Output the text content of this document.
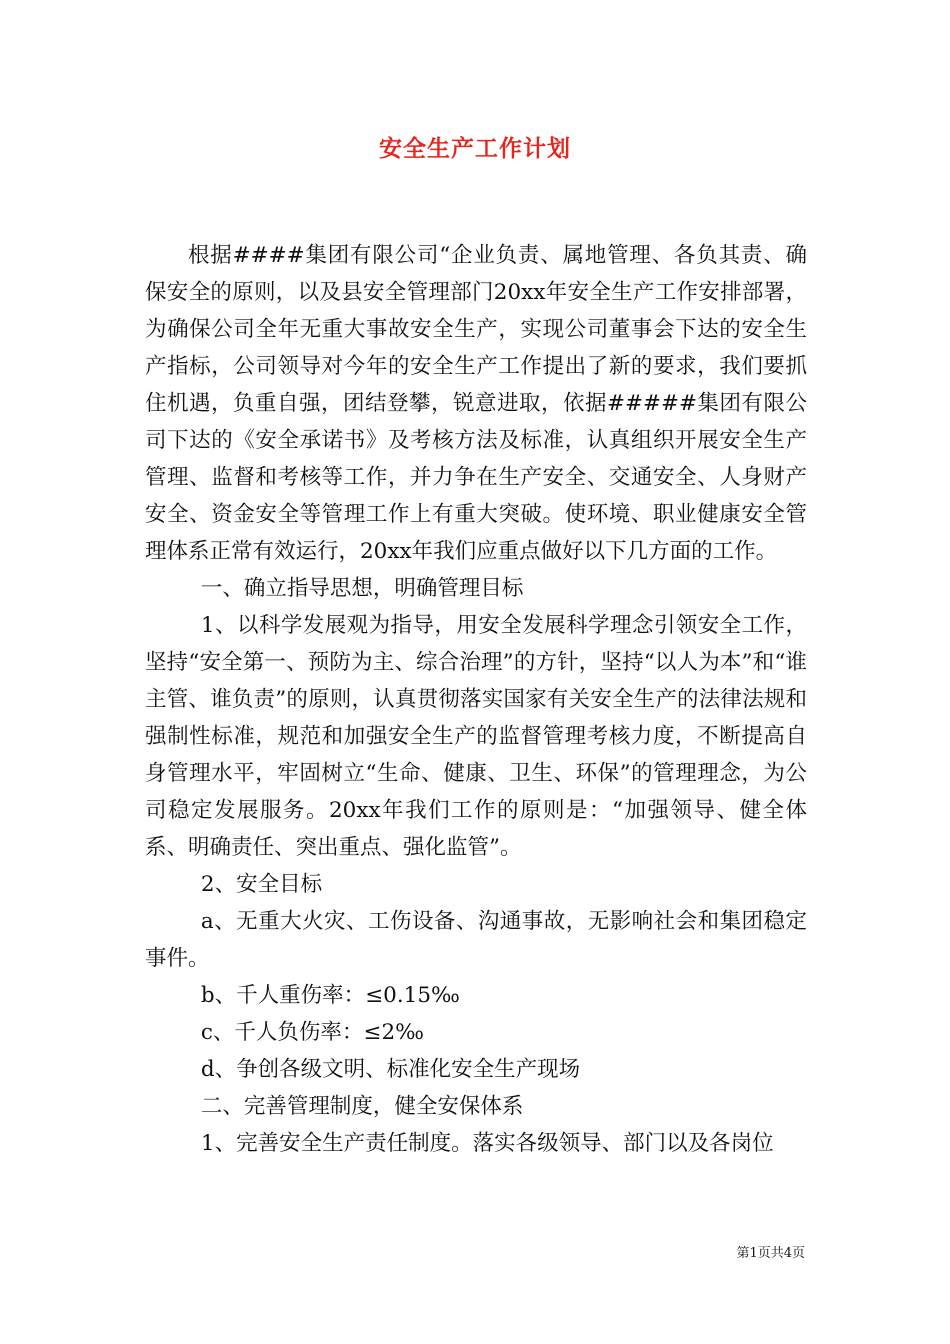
安全生产工作计划

根据####集团有限公司“企业负责、属地管理、各负其责、确保安全的原则，以及县安全管理部门20xx年安全生产工作安排部署，为确保公司全年无重大事故安全生产，实现公司董事会下达的安全生产指标，公司领导对今年的安全生产工作提出了新的要求，我们要抓住机遇，负重自强，团结登攀，锐意进取，依据#####集团有限公司下达的《安全承诺书》及考核方法及标准，认真组织开展安全生产管理、监督和考核等工作，并力争在生产安全、交通安全、人身财产安全、资金安全等管理工作上有重大突破。使环境、职业健康安全管理体系正常有效运行，20xx年我们应重点做好以下几方面的工作。

一、确立指导思想，明确管理目标

1、以科学发展观为指导，用安全发展科学理念引领安全工作，坚持“安全第一、预防为主、综合治理”的方针，坚持“以人为本”和“谁主管、谁负责”的原则，认真贯彻落实国家有关安全生产的法律法规和强制性标准，规范和加强安全生产的监督管理考核力度，不断提高自身管理水平，牢固树立“生命、健康、卫生、环保”的管理理念，为公司稳定发展服务。20xx年我们工作的原则是：“加强领导、健全体系、明确责任、突出重点、强化监管”。

2、安全目标

a、无重大火灾、工伤设备、沟通事故，无影响社会和集团稳定事件。

b、千人重伤率：≤0.15‰

c、千人负伤率：≤2‰

d、争创各级文明、标准化安全生产现场

二、完善管理制度，健全安保体系

1、完善安全生产责任制度。落实各级领导、部门以及各岗位

第1页共4页
